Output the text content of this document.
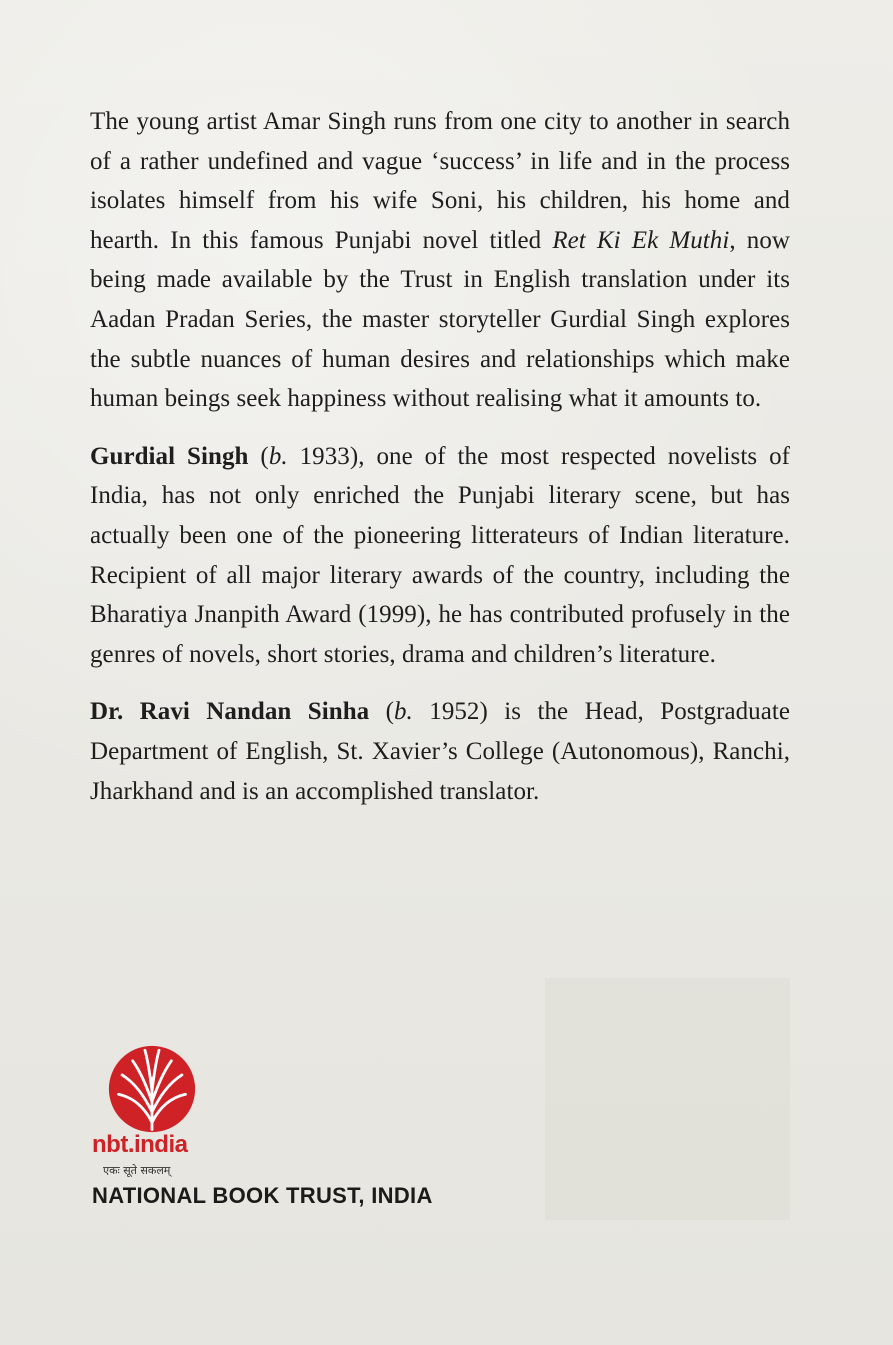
The young artist Amar Singh runs from one city to another in search of a rather undefined and vague ‘success’ in life and in the process isolates himself from his wife Soni, his children, his home and hearth. In this famous Punjabi novel titled Ret Ki Ek Muthi, now being made available by the Trust in English translation under its Aadan Pradan Series, the master storyteller Gurdial Singh explores the subtle nuances of human desires and relationships which make human beings seek happiness without realising what it amounts to.

Gurdial Singh (b. 1933), one of the most respected novelists of India, has not only enriched the Punjabi literary scene, but has actually been one of the pioneering litterateurs of Indian literature. Recipient of all major literary awards of the country, including the Bharatiya Jnanpith Award (1999), he has contributed profusely in the genres of novels, short stories, drama and children’s literature.

Dr. Ravi Nandan Sinha (b. 1952) is the Head, Postgraduate Department of English, St. Xavier’s College (Autonomous), Ranchi, Jharkhand and is an accomplished translator.

nbt.india
एकः सूते सकलम्
NATIONAL BOOK TRUST, INDIA
